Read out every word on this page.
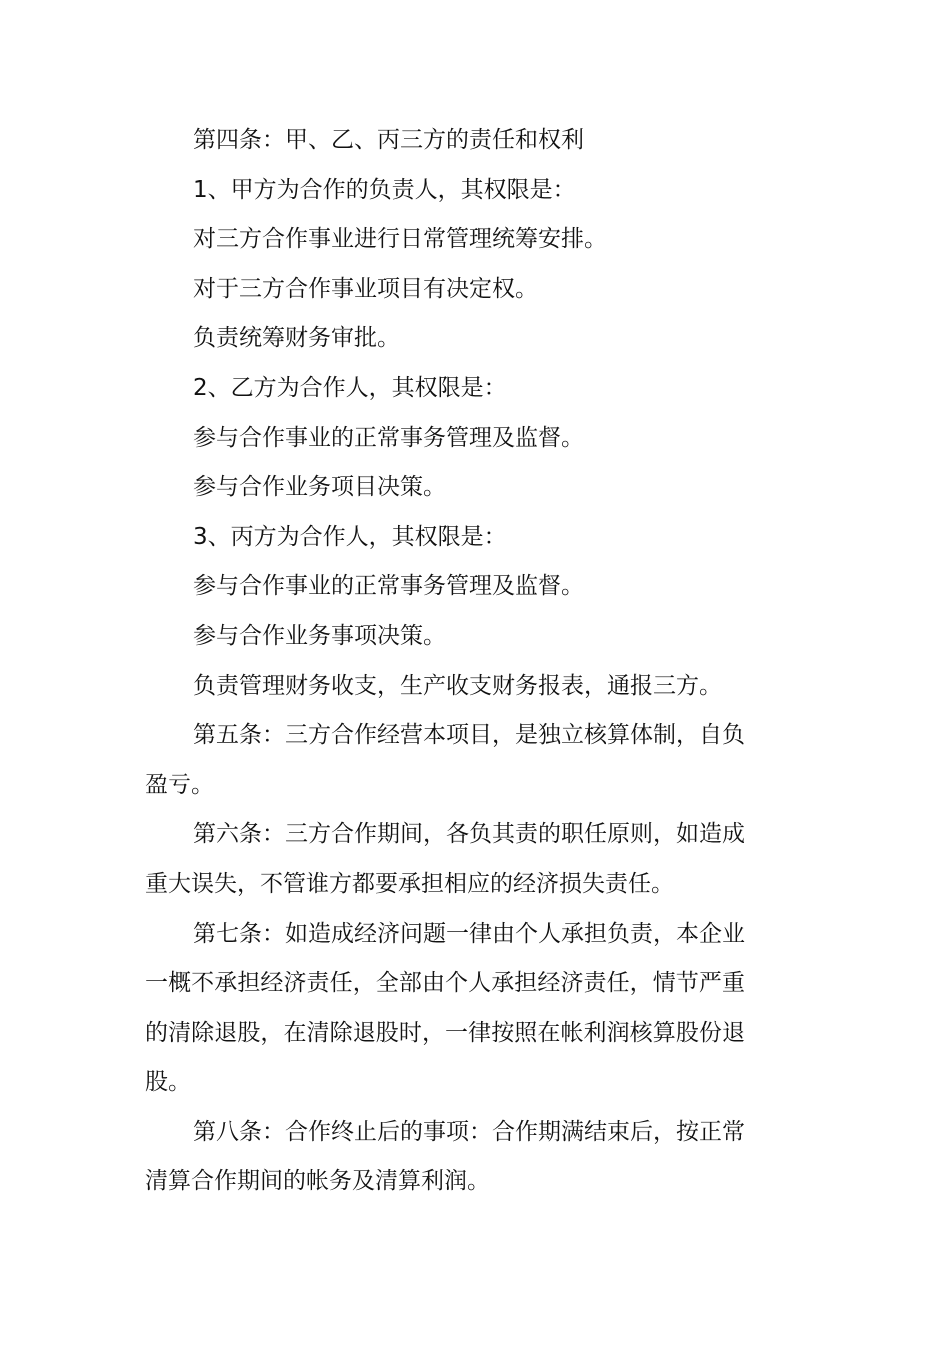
第四条：甲、乙、丙三方的责任和权利

1、甲方为合作的负责人，其权限是：

对三方合作事业进行日常管理统筹安排。

对于三方合作事业项目有决定权。

负责统筹财务审批。

2、乙方为合作人，其权限是：

参与合作事业的正常事务管理及监督。

参与合作业务项目决策。

3、丙方为合作人，其权限是：

参与合作事业的正常事务管理及监督。

参与合作业务事项决策。

负责管理财务收支，生产收支财务报表，通报三方。

第五条：三方合作经营本项目，是独立核算体制，自负盈亏。

第六条：三方合作期间，各负其责的职任原则，如造成重大误失，不管谁方都要承担相应的经济损失责任。

第七条：如造成经济问题一律由个人承担负责，本企业一概不承担经济责任，全部由个人承担经济责任，情节严重的清除退股，在清除退股时，一律按照在帐利润核算股份退股。

第八条：合作终止后的事项：合作期满结束后，按正常清算合作期间的帐务及清算利润。
